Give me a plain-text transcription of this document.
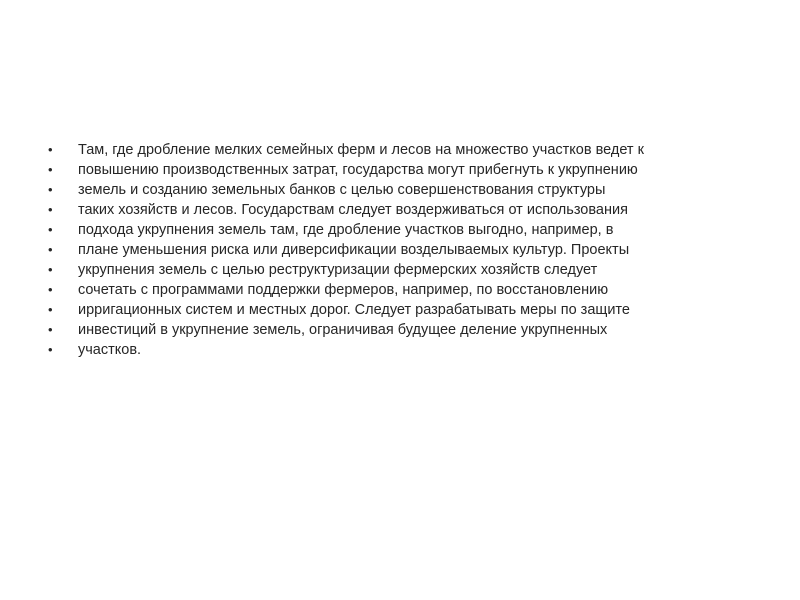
•	Там, где дробление мелких семейных ферм и лесов на множество участков ведет к
•	повышению производственных затрат, государства могут прибегнуть к укрупнению
•	земель и созданию земельных банков с целью совершенствования структуры
•	таких хозяйств и лесов. Государствам следует воздерживаться от использования
•	подхода укрупнения земель там, где дробление участков выгодно, например, в
•	плане уменьшения риска или диверсификации возделываемых культур. Проекты
•	укрупнения земель с целью реструктуризации фермерских хозяйств следует
•	сочетать с программами поддержки фермеров, например, по восстановлению
•	ирригационных систем и местных дорог. Следует разрабатывать меры по защите
•	инвестиций в укрупнение земель, ограничивая будущее деление укрупненных
•	участков.
